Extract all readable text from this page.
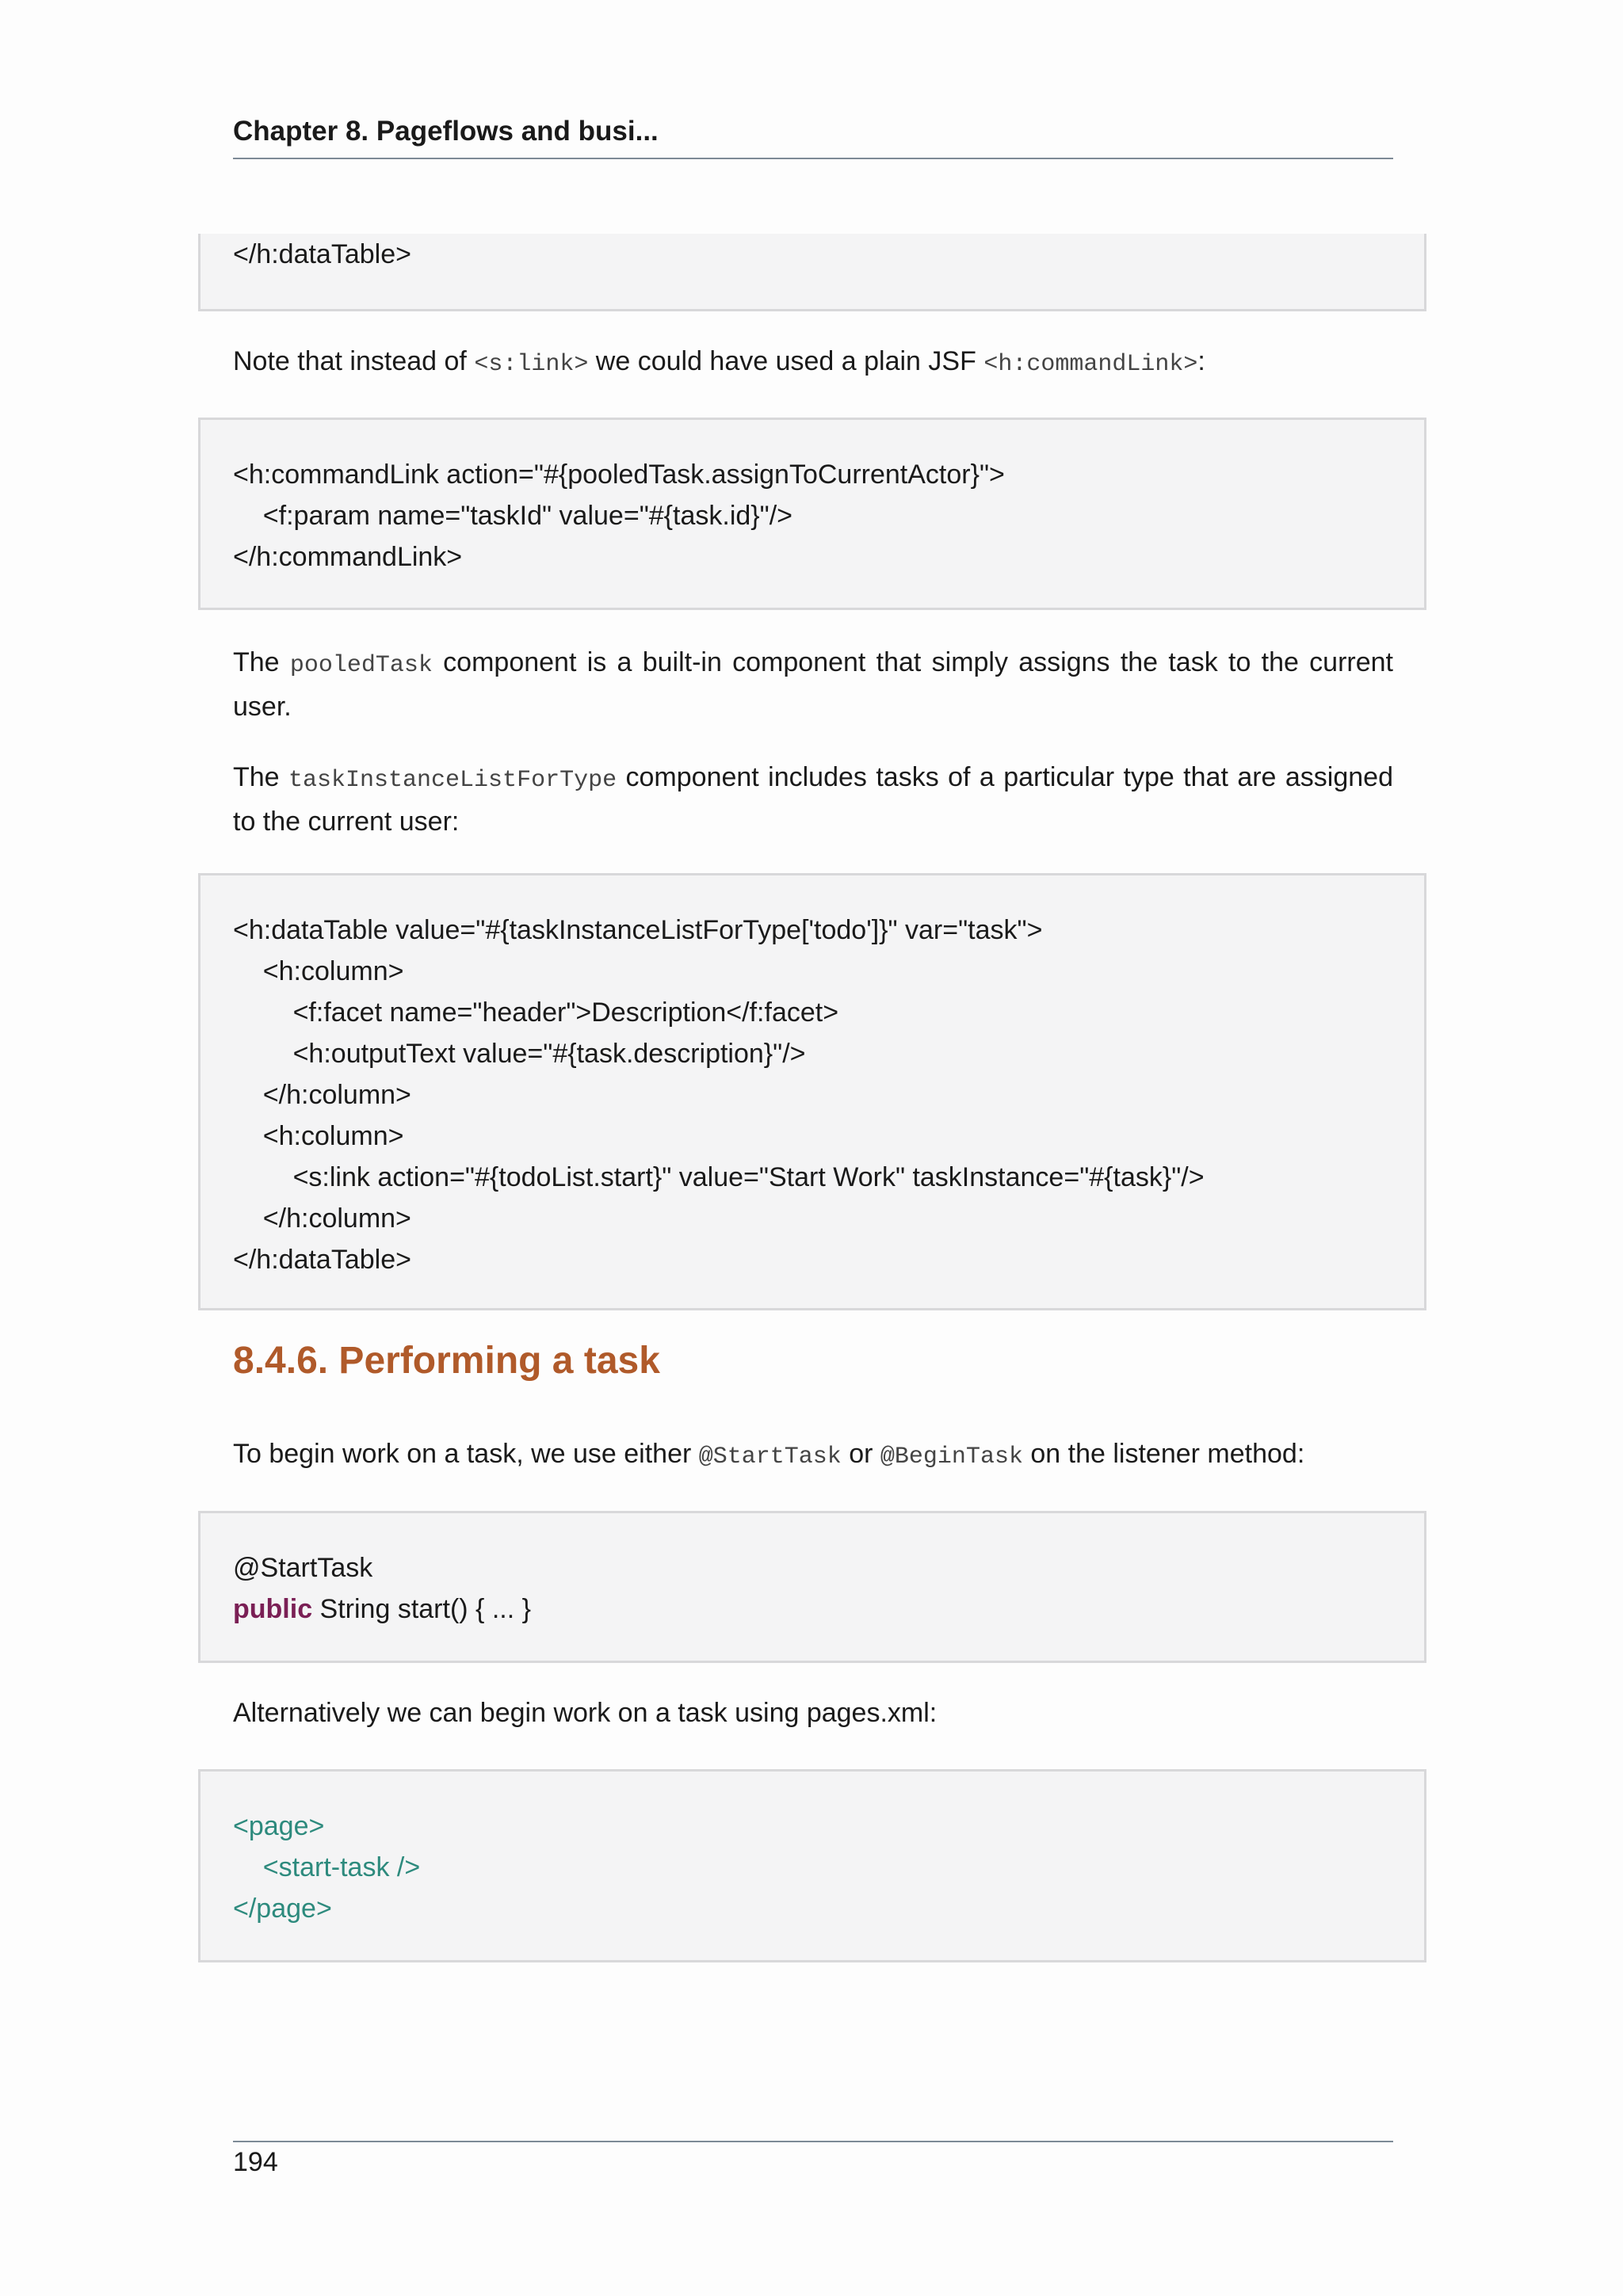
Chapter 8. Pageflows and busi...
</h:dataTable>
Note that instead of <s:link> we could have used a plain JSF <h:commandLink>:
<h:commandLink action="#{pooledTask.assignToCurrentActor}">
<f:param name="taskId" value="#{task.id}"/>
</h:commandLink>
The pooledTask component is a built-in component that simply assigns the task to the current user.
The taskInstanceListForType component includes tasks of a particular type that are assigned to the current user:
<h:dataTable value="#{taskInstanceListForType['todo']}" var="task">
<h:column>
<f:facet name="header">Description</f:facet>
<h:outputText value="#{task.description}"/>
</h:column>
<h:column>
<s:link action="#{todoList.start}" value="Start Work" taskInstance="#{task}"/>
</h:column>
</h:dataTable>
8.4.6. Performing a task
To begin work on a task, we use either @StartTask or @BeginTask on the listener method:
@StartTask
public String start() { ... }
Alternatively we can begin work on a task using pages.xml:
<page>
<start-task />
</page>
194
